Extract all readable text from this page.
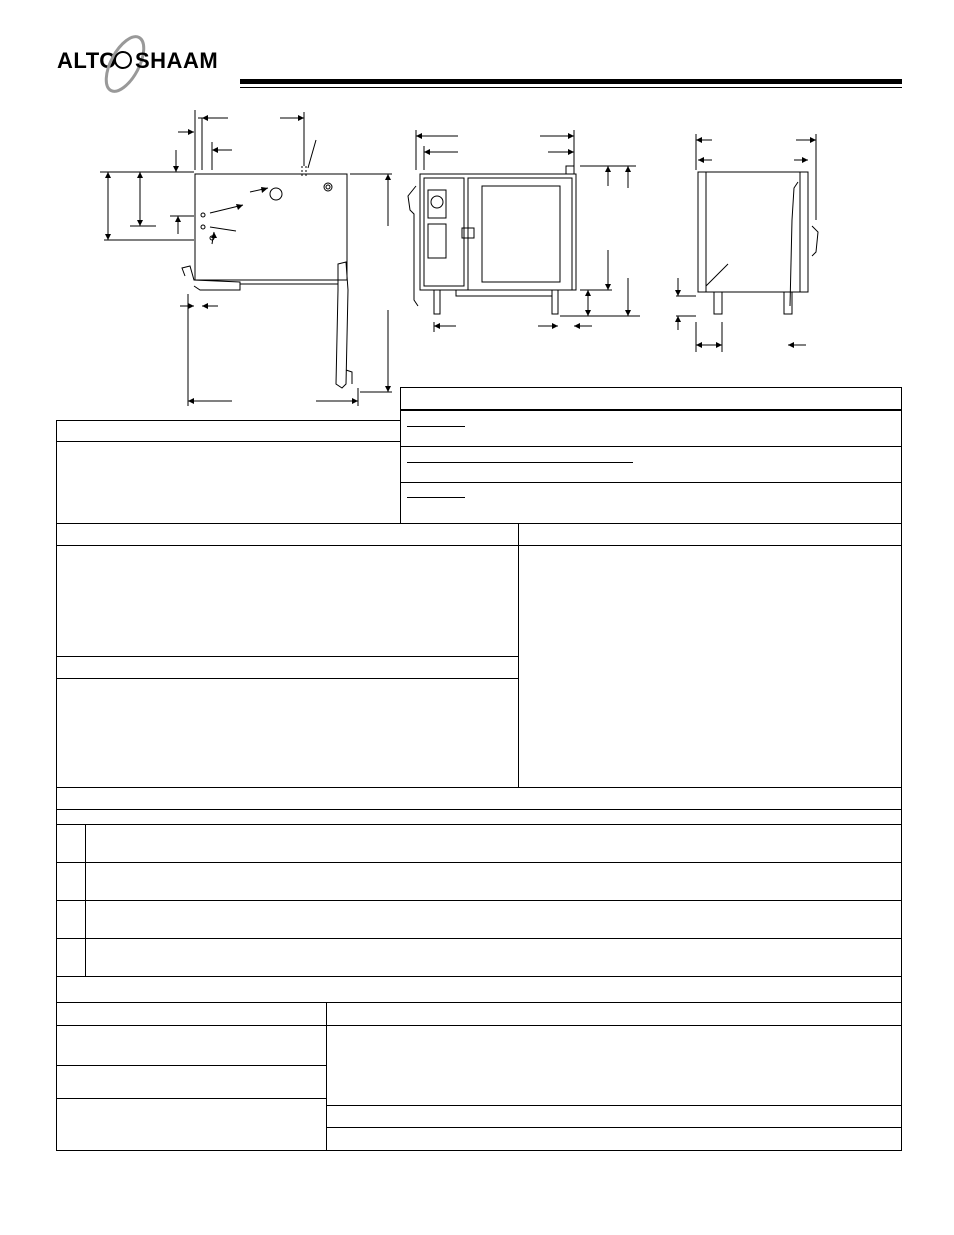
ALTO SHAAM
